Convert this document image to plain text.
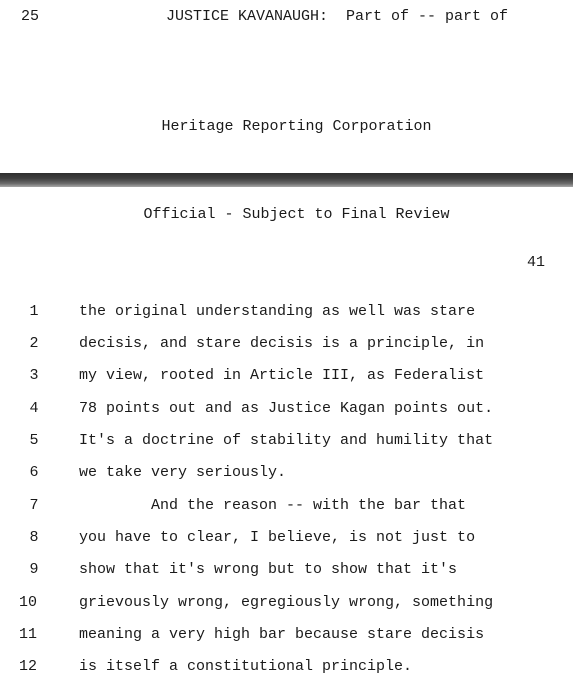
25	JUSTICE KAVANAUGH:  Part of -- part of
Heritage Reporting Corporation
Official - Subject to Final Review
41
1	the original understanding as well was stare
2	decisis, and stare decisis is a principle, in
3	my view, rooted in Article III, as Federalist
4	78 points out and as Justice Kagan points out.
5	It's a doctrine of stability and humility that
6	we take very seriously.
7	And the reason -- with the bar that
8	you have to clear, I believe, is not just to
9	show that it's wrong but to show that it's
10	grievously wrong, egregiously wrong, something
11	meaning a very high bar because stare decisis
12	is itself a constitutional principle.
